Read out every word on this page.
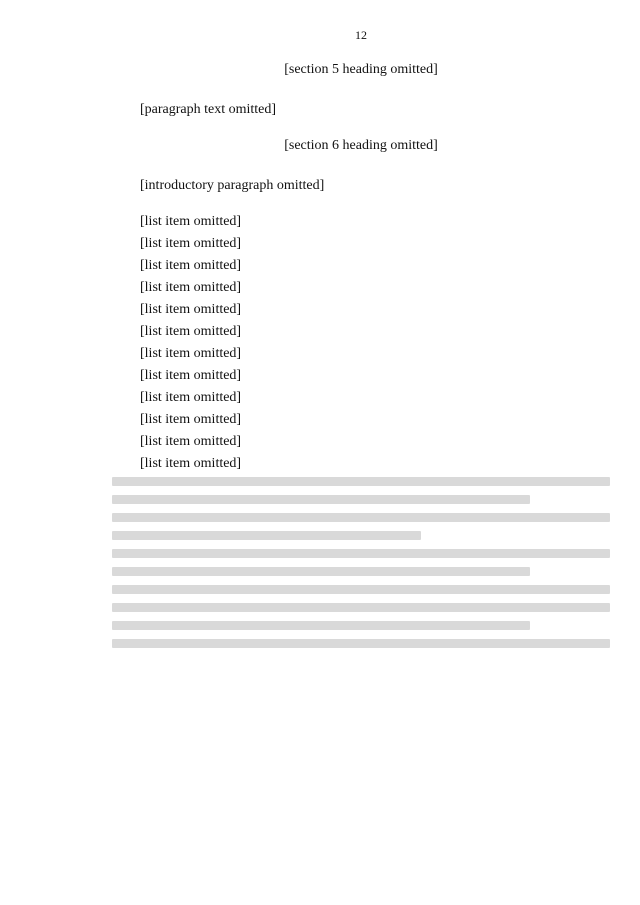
12
[section 5 heading omitted]
[paragraph text omitted]
[section 6 heading omitted]
[introductory paragraph omitted]
[list item omitted]
[list item omitted]
[list item omitted]
[list item omitted]
[list item omitted]
[list item omitted]
[list item omitted]
[list item omitted]
[list item omitted]
[list item omitted]
[list item omitted]
[list item omitted]
